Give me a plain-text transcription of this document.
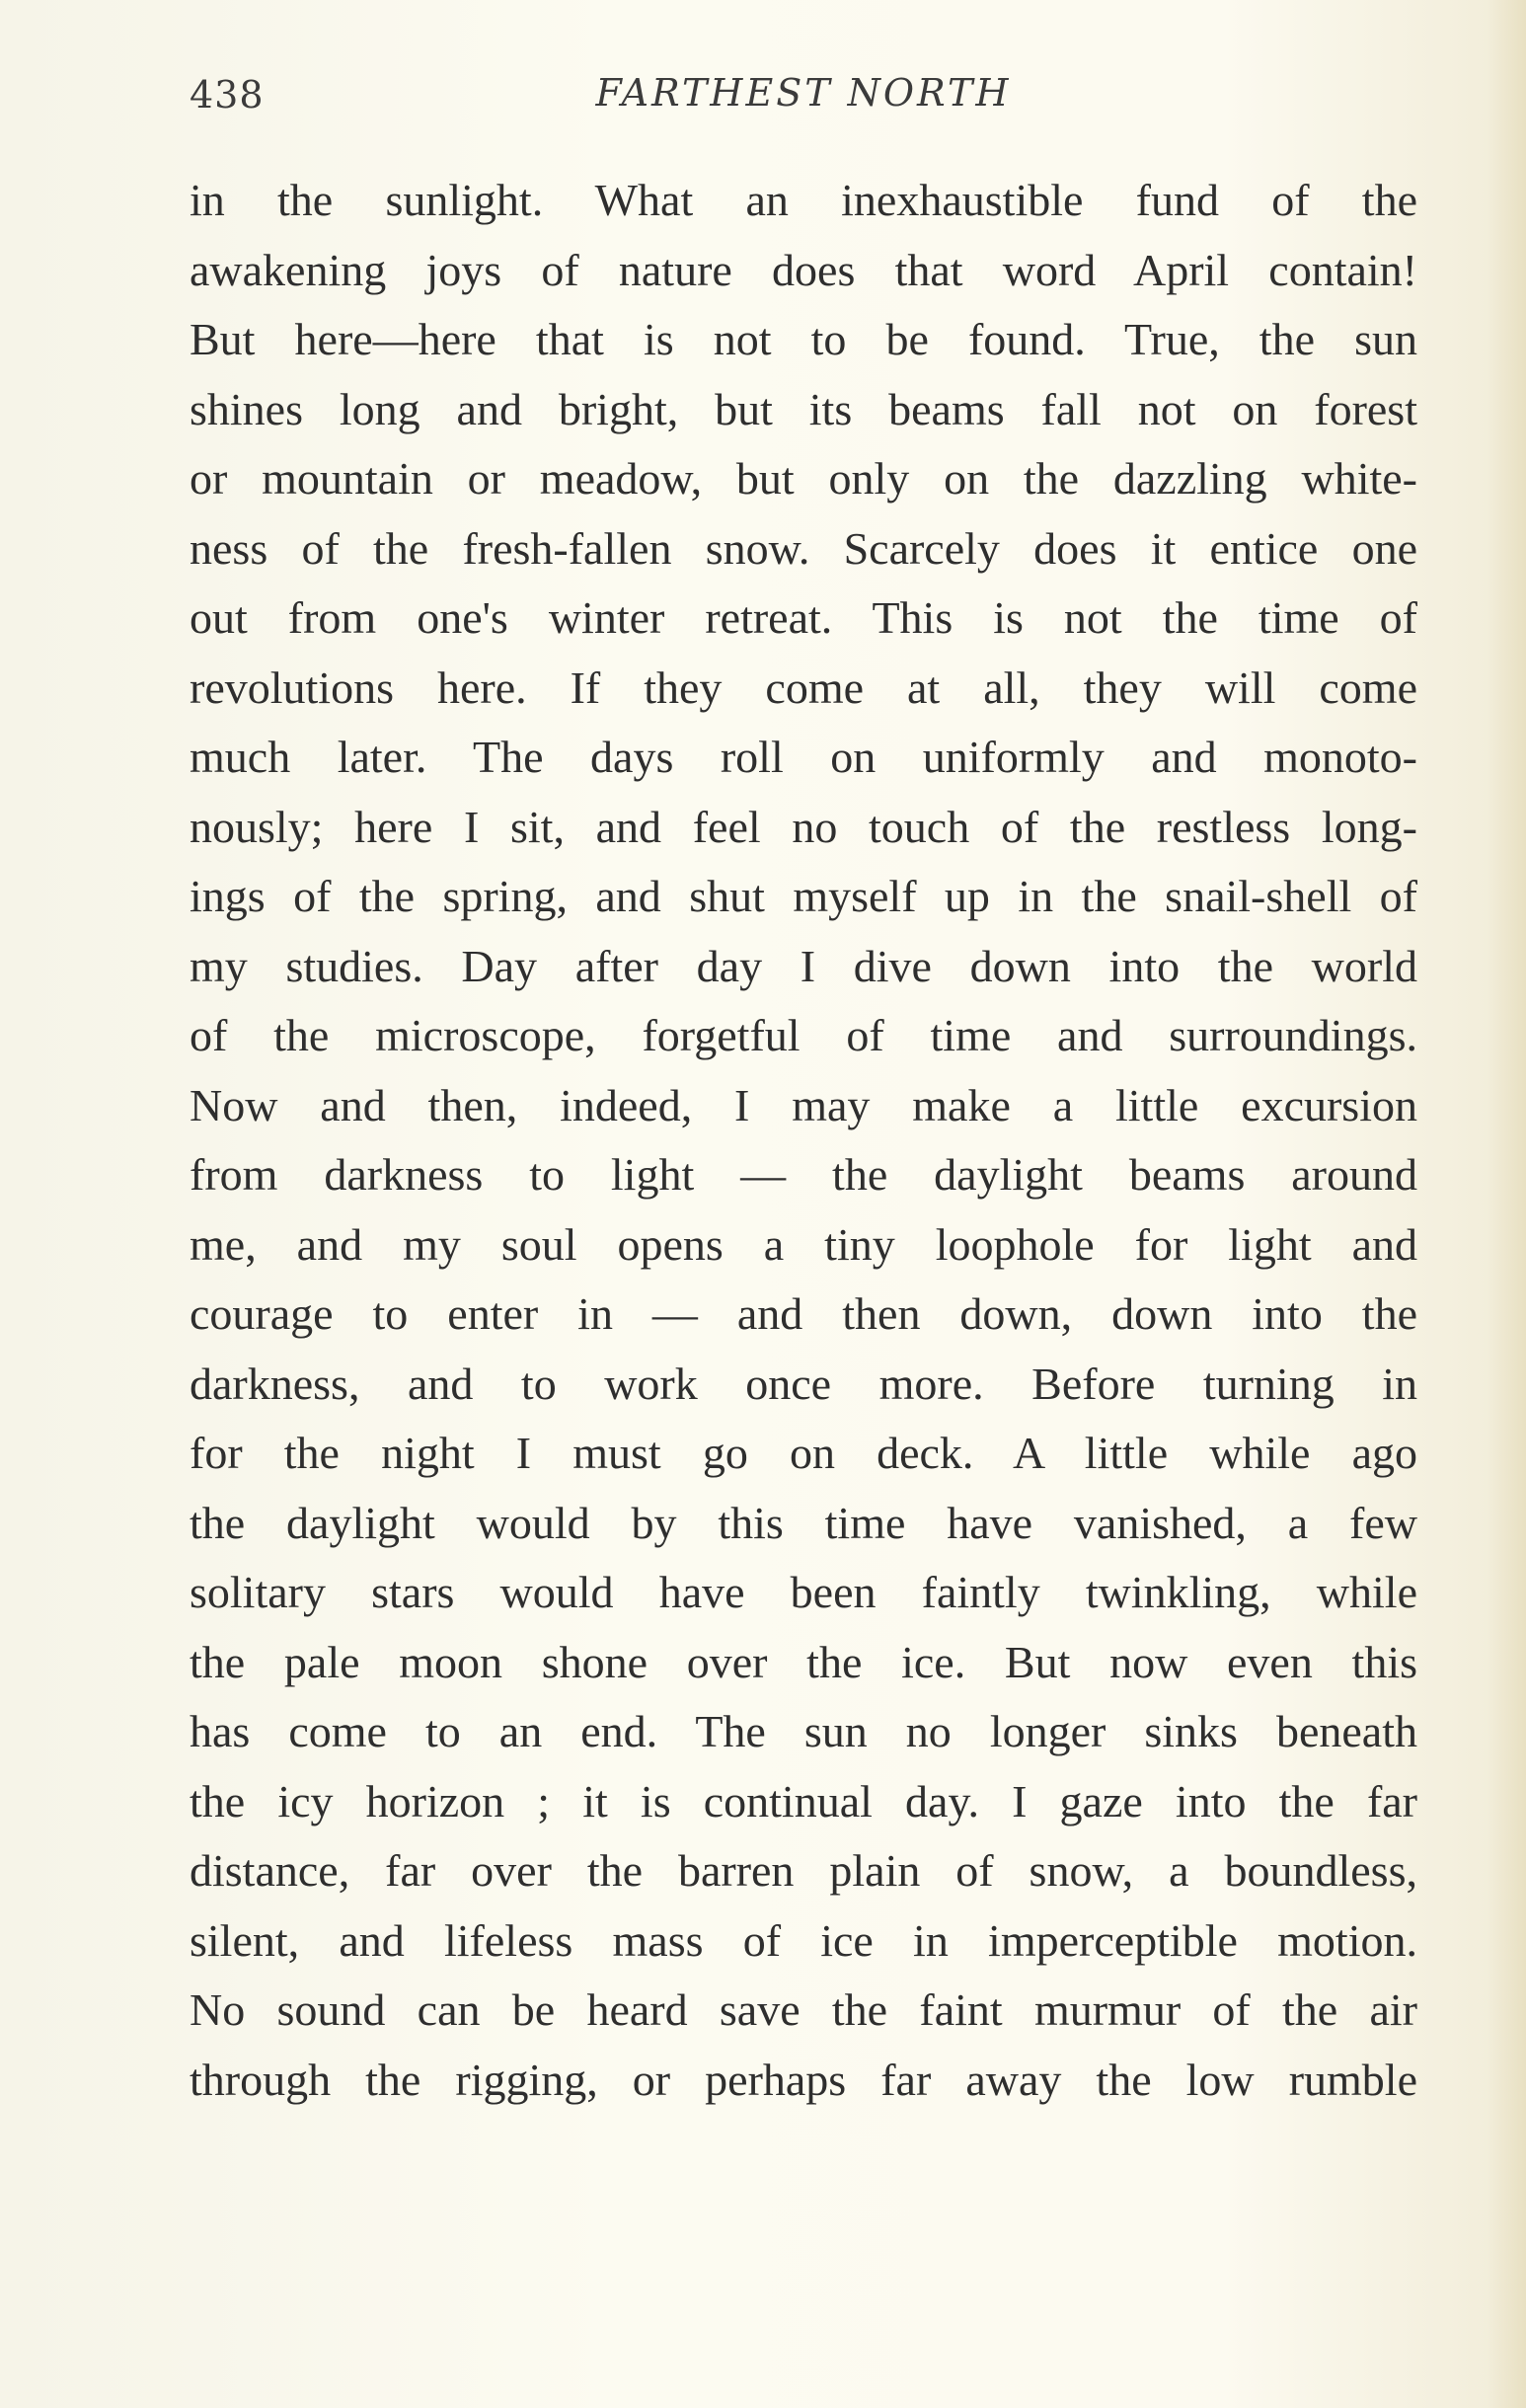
438	FARTHEST NORTH
in the sunlight. What an inexhaustible fund of the
awakening joys of nature does that word April contain!
But here—here that is not to be found. True, the sun
shines long and bright, but its beams fall not on forest
or mountain or meadow, but only on the dazzling white-
ness of the fresh-fallen snow. Scarcely does it entice one
out from one's winter retreat. This is not the time of
revolutions here. If they come at all, they will come
much later. The days roll on uniformly and monoto-
nously; here I sit, and feel no touch of the restless long-
ings of the spring, and shut myself up in the snail-shell of
my studies. Day after day I dive down into the world
of the microscope, forgetful of time and surroundings.
Now and then, indeed, I may make a little excursion
from darkness to light — the daylight beams around
me, and my soul opens a tiny loophole for light and
courage to enter in — and then down, down into the
darkness, and to work once more. Before turning in
for the night I must go on deck. A little while ago
the daylight would by this time have vanished, a few
solitary stars would have been faintly twinkling, while
the pale moon shone over the ice. But now even this
has come to an end. The sun no longer sinks beneath
the icy horizon ; it is continual day. I gaze into the far
distance, far over the barren plain of snow, a boundless,
silent, and lifeless mass of ice in imperceptible motion.
No sound can be heard save the faint murmur of the air
through the rigging, or perhaps far away the low rumble
